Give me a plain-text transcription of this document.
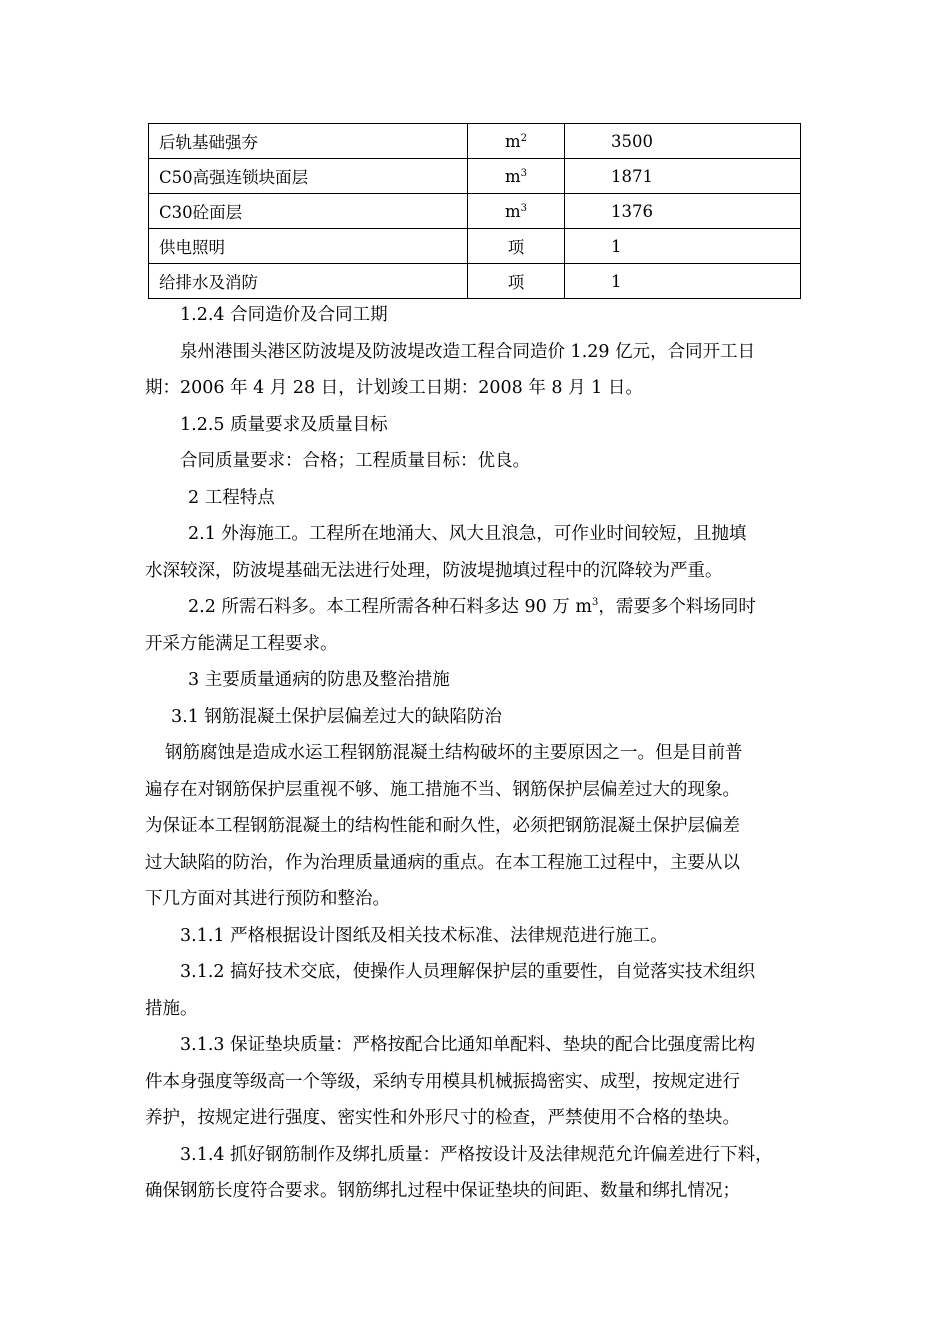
后轨基础强夯	$m^2$	3500
C50高强连锁块面层	$m^3$	1871
C30砼面层	$m^3$	1376
供电照明	项	1
给排水及消防	项	1

1.2.4 合同造价及合同工期

泉州港围头港区防波堤及防波堤改造工程合同造价 1.29 亿元，合同开工日

期：2006 年 4 月 28 日，计划竣工日期：2008 年 8 月 1 日。

1.2.5 质量要求及质量目标

合同质量要求：合格；工程质量目标：优良。

2 工程特点

2.1 外海施工。工程所在地涌大、风大且浪急，可作业时间较短，且抛填

水深较深，防波堤基础无法进行处理，防波堤抛填过程中的沉降较为严重。

2.2 所需石料多。本工程所需各种石料多达 90 万 $m^3$，需要多个料场同时

开采方能满足工程要求。

3 主要质量通病的防患及整治措施

3.1 钢筋混凝土保护层偏差过大的缺陷防治

钢筋腐蚀是造成水运工程钢筋混凝土结构破坏的主要原因之一。但是目前普

遍存在对钢筋保护层重视不够、施工措施不当、钢筋保护层偏差过大的现象。

为保证本工程钢筋混凝土的结构性能和耐久性，必须把钢筋混凝土保护层偏差

过大缺陷的防治，作为治理质量通病的重点。在本工程施工过程中，主要从以

下几方面对其进行预防和整治。

3.1.1 严格根据设计图纸及相关技术标准、法律规范进行施工。

3.1.2 搞好技术交底，使操作人员理解保护层的重要性，自觉落实技术组织

措施。

3.1.3 保证垫块质量：严格按配合比通知单配料、垫块的配合比强度需比构

件本身强度等级高一个等级，采纳专用模具机械振捣密实、成型，按规定进行

养护，按规定进行强度、密实性和外形尺寸的检查，严禁使用不合格的垫块。

3.1.4 抓好钢筋制作及绑扎质量：严格按设计及法律规范允许偏差进行下料，

确保钢筋长度符合要求。钢筋绑扎过程中保证垫块的间距、数量和绑扎情况；
